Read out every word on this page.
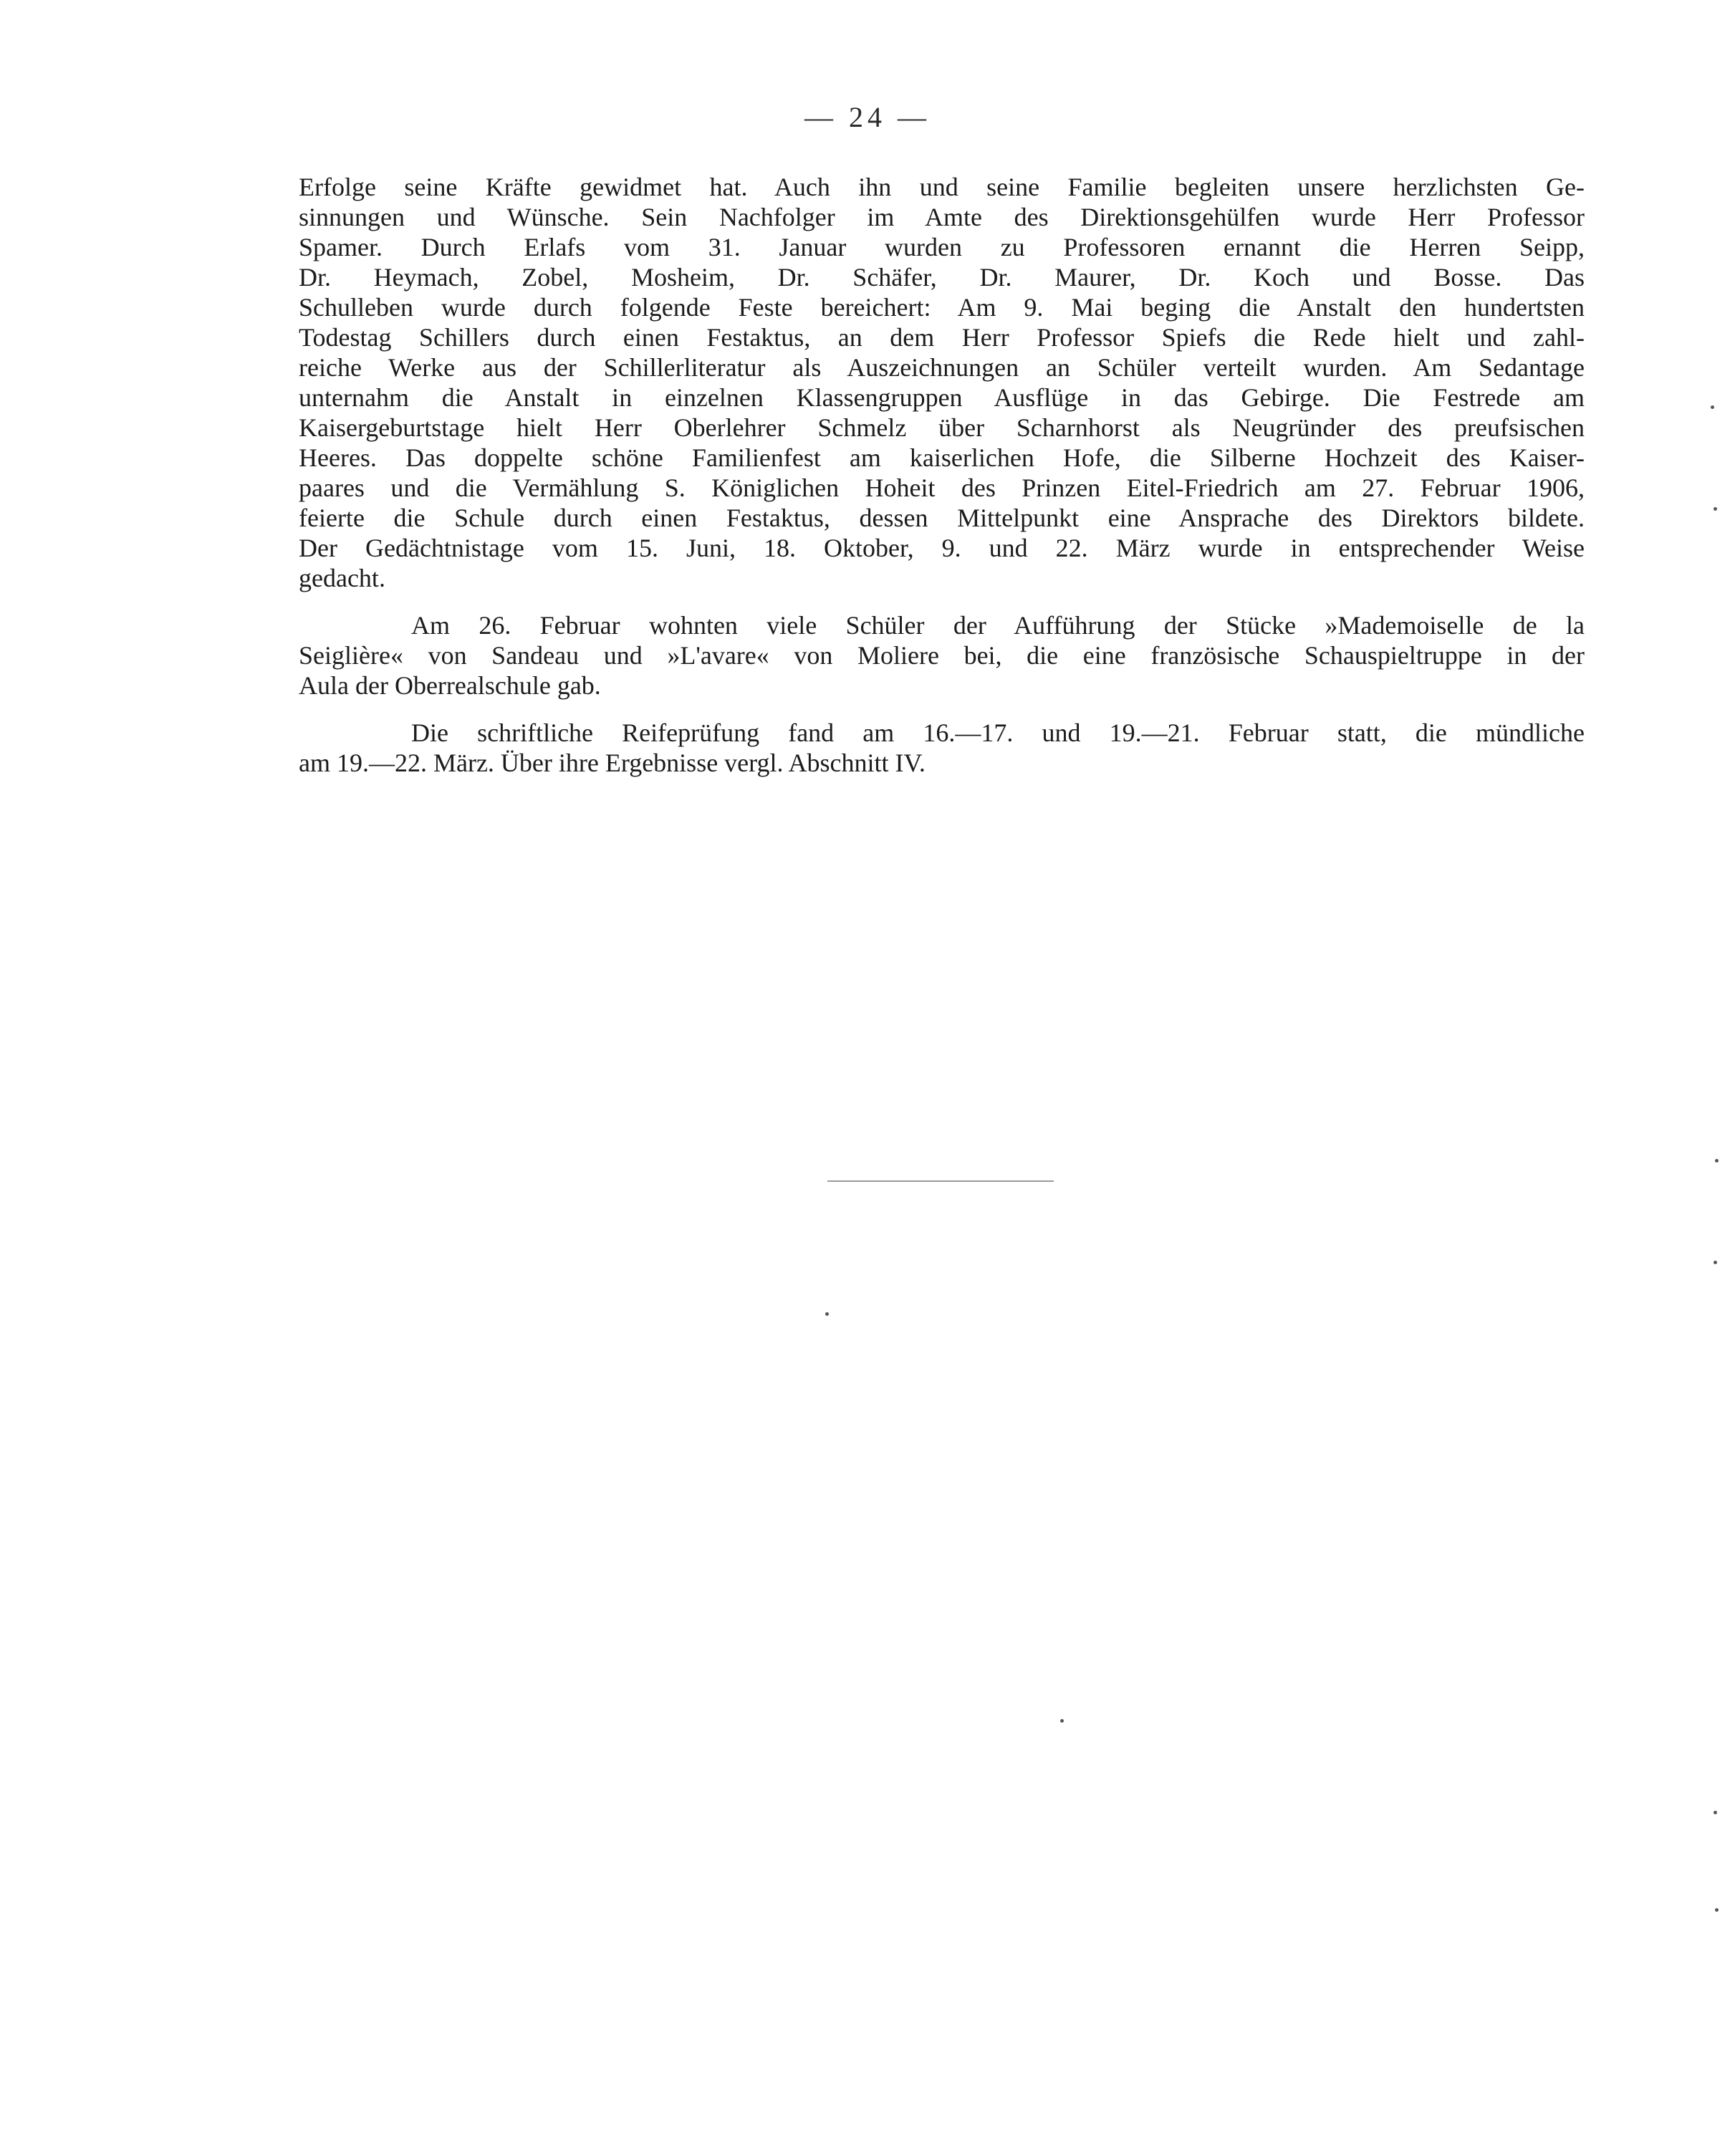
— 24 —
Erfolge seine Kräfte gewidmet hat. Auch ihn und seine Familie begleiten unsere herzlichsten Ge-
sinnungen und Wünsche. Sein Nachfolger im Amte des Direktionsgehülfen wurde Herr Professor
Spamer. Durch Erlafs vom 31. Januar wurden zu Professoren ernannt die Herren Seipp,
Dr. Heymach, Zobel, Mosheim, Dr. Schäfer, Dr. Maurer, Dr. Koch und Bosse. Das
Schulleben wurde durch folgende Feste bereichert: Am 9. Mai beging die Anstalt den hundertsten
Todestag Schillers durch einen Festaktus, an dem Herr Professor Spiefs die Rede hielt und zahl-
reiche Werke aus der Schillerliteratur als Auszeichnungen an Schüler verteilt wurden. Am Sedantage
unternahm die Anstalt in einzelnen Klassengruppen Ausflüge in das Gebirge. Die Festrede am
Kaisergeburtstage hielt Herr Oberlehrer Schmelz über Scharnhorst als Neugründer des preufsischen
Heeres. Das doppelte schöne Familienfest am kaiserlichen Hofe, die Silberne Hochzeit des Kaiser-
paares und die Vermählung S. Königlichen Hoheit des Prinzen Eitel-Friedrich am 27. Februar 1906,
feierte die Schule durch einen Festaktus, dessen Mittelpunkt eine Ansprache des Direktors bildete.
Der Gedächtnistage vom 15. Juni, 18. Oktober, 9. und 22. März wurde in entsprechender Weise
gedacht.
Am 26. Februar wohnten viele Schüler der Aufführung der Stücke »Mademoiselle de la
Seiglière« von Sandeau und »L'avare« von Moliere bei, die eine französische Schauspieltruppe in der
Aula der Oberrealschule gab.
Die schriftliche Reifeprüfung fand am 16.—17. und 19.—21. Februar statt, die mündliche
am 19.—22. März. Über ihre Ergebnisse vergl. Abschnitt IV.
